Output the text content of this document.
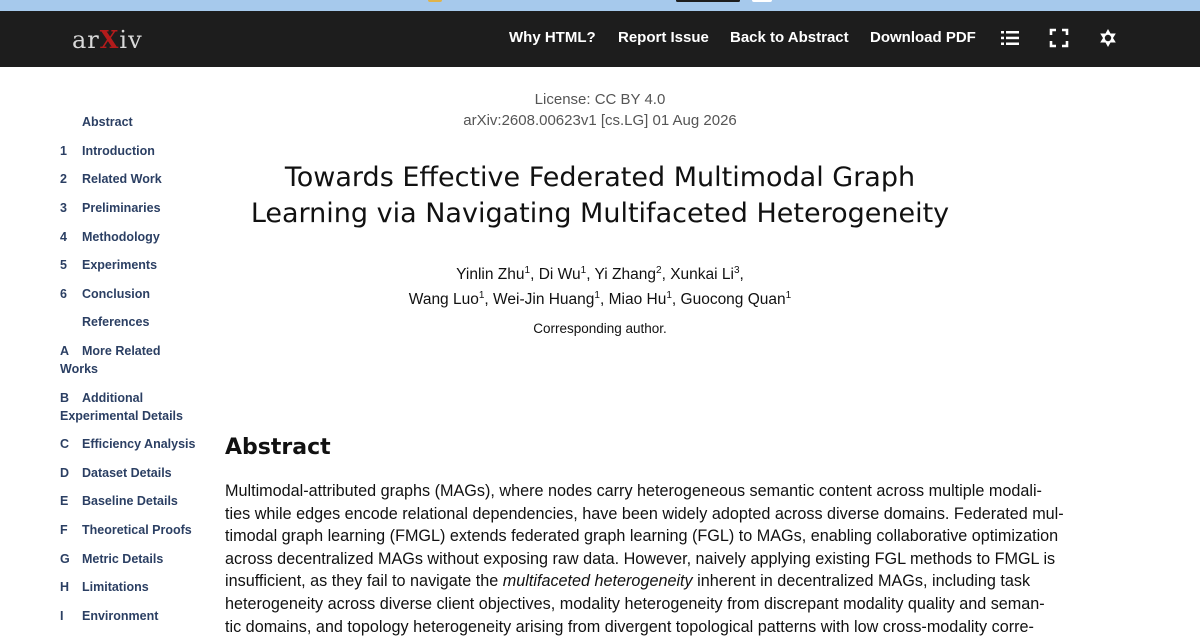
arXiv	Why HTML? Report Issue Back to Abstract Download PDF
Abstract
1 Introduction
2 Related Work
3 Preliminaries
4 Methodology
5 Experiments
6 Conclusion
References
A More Related
Works
B Additional
Experimental Details
C Efficiency Analysis
D Dataset Details
E Baseline Details
F Theoretical Proofs
G Metric Details
H Limitations
I Environment
License: CC BY 4.0
arXiv:2608.00623v1 [cs.LG] 01 Aug 2026
Towards Effective Federated Multimodal Graph
Learning via Navigating Multifaceted Heterogeneity
Yinlin Zhu$^1$, Di Wu$^1$, Yi Zhang$^2$, Xunkai Li$^3$,
Wang Luo$^1$, Wei-Jin Huang$^1$, Miao Hu$^1$, Guocong Quan$^1$
Corresponding author.
Abstract
Multimodal-attributed graphs (MAGs), where nodes carry heterogeneous semantic content across multiple modali-
ties while edges encode relational dependencies, have been widely adopted across diverse domains. Federated mul-
timodal graph learning (FMGL) extends federated graph learning (FGL) to MAGs, enabling collaborative optimization
across decentralized MAGs without exposing raw data. However, naively applying existing FGL methods to FMGL is
insufficient, as they fail to navigate the multifaceted heterogeneity inherent in decentralized MAGs, including task
heterogeneity across diverse client objectives, modality heterogeneity from discrepant modality quality and seman-
tic domains, and topology heterogeneity arising from divergent topological patterns with low cross-modality corre-
